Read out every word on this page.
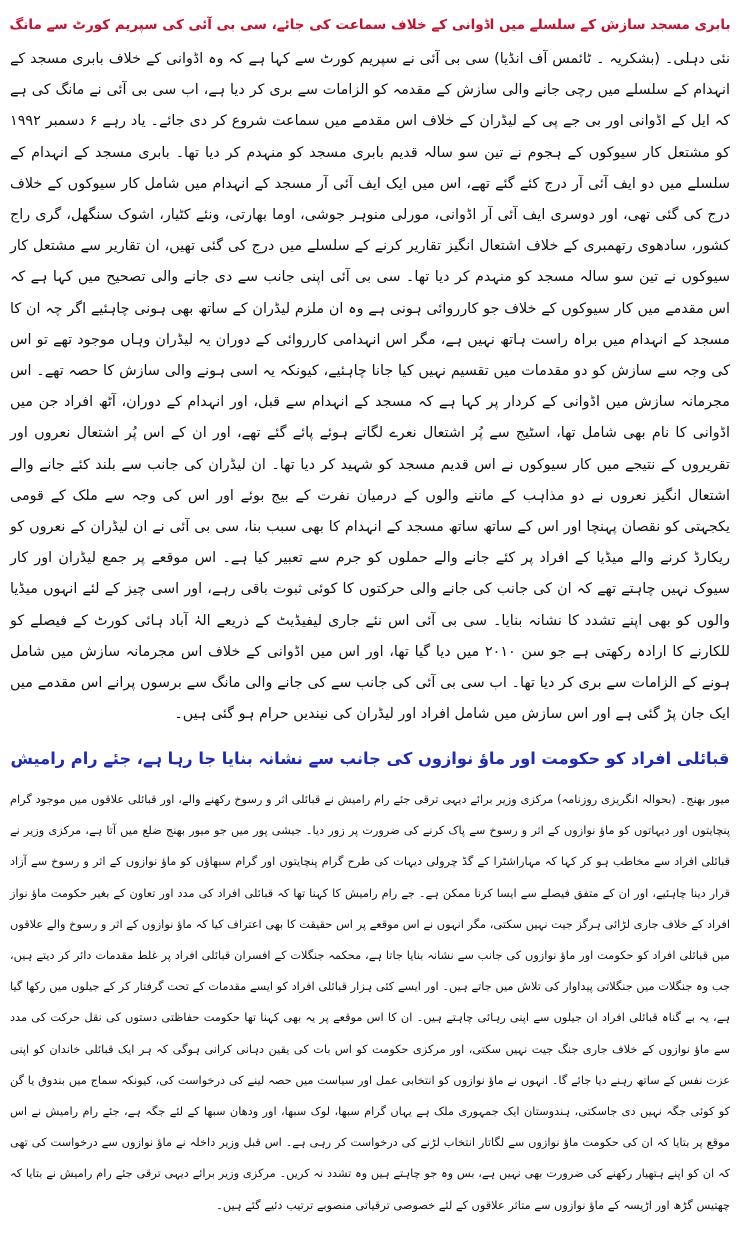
بابری مسجد سازش کے سلسلے میں اڈوانی کے خلاف سماعت کی جائے، سی بی آئی کی سپریم کورٹ سے مانگ

نئی دہلی۔ (بشکریہ ۔ ٹائمس آف انڈیا) سی بی آئی نے سپریم کورٹ سے کہا ہے کہ وہ اڈوانی کے خلاف بابری مسجد کے انہدام کے سلسلے میں رچی جانے والی سازش کے مقدمہ کو الزامات سے بری کر دیا ہے، اب سی بی آئی نے مانگ کی ہے کہ ایل کے اڈوانی اور بی جے پی کے لیڈران کے خلاف اس مقدمے میں سماعت شروع کر دی جائے۔ یاد رہے ۶ دسمبر ۱۹۹۲ کو مشتعل کار سیوکوں کے ہجوم نے تین سو سالہ قدیم بابری مسجد کو منہدم کر دیا تھا۔ بابری مسجد کے انہدام کے سلسلے میں دو ایف آئی آر درج کئے گئے تھے، اس میں ایک ایف آئی آر مسجد کے انہدام میں شامل کار سیوکوں کے خلاف درج کی گئی تھی، اور دوسری ایف آئی آر اڈوانی، مورلی منوہر جوشی، اوما بھارتی، ونئے کٹیار، اشوک سنگھل، گری راج کشور، سادھوی رتھمبری کے خلاف اشتعال انگیز تقاریر کرنے کے سلسلے میں درج کی گئی تھیں، ان تقاریر سے مشتعل کار سیوکوں نے تین سو سالہ مسجد کو منہدم کر دیا تھا۔ سی بی آئی اپنی جانب سے دی جانے والی تصحیح میں کہا ہے کہ اس مقدمے میں کار سیوکوں کے خلاف جو کارروائی ہونی ہے وہ ان ملزم لیڈران کے ساتھ بھی ہونی چاہئیے اگر چہ ان کا مسجد کے انہدام میں براہ راست ہاتھ نہیں ہے، مگر اس انہدامی کارروائی کے دوران یہ لیڈران وہاں موجود تھے تو اس کی وجہ سے سازش کو دو مقدمات میں تقسیم نہیں کیا جانا چاہئیے، کیونکہ یہ اسی ہونے والی سازش کا حصہ تھے۔ اس مجرمانہ سازش میں اڈوانی کے کردار پر کہا ہے کہ مسجد کے انہدام سے قبل، اور انہدام کے دوران، آٹھ افراد جن میں اڈوانی کا نام بھی شامل تھا، اسٹیج سے پُر اشتعال نعرے لگاتے ہوئے پائے گئے تھے، اور ان کے اس پُر اشتعال نعروں اور تقریروں کے نتیجے میں کار سیوکوں نے اس قدیم مسجد کو شہید کر دیا تھا۔ ان لیڈران کی جانب سے بلند کئے جانے والے اشتعال انگیز نعروں نے دو مذاہب کے ماننے والوں کے درمیان نفرت کے بیج بوئے اور اس کی وجہ سے ملک کے قومی یکجہتی کو نقصان پہنچا اور اس کے ساتھ ساتھ مسجد کے انہدام کا بھی سبب بنا، سی بی آئی نے ان لیڈران کے نعروں کو ریکارڈ کرنے والے میڈیا کے افراد پر کئے جانے والے حملوں کو جرم سے تعبیر کیا ہے۔ اس موقعے پر جمع لیڈران اور کار سیوک نہیں چاہتے تھے کہ ان کی جانب کی جانے والی حرکتوں کا کوئی ثبوت باقی رہے، اور اسی چیز کے لئے انہوں میڈیا والوں کو بھی اپنے تشدد کا نشانہ بنایا۔ سی بی آئی اس نئے جاری لیفیڈیٹ کے ذریعے الہٰ آباد ہائی کورٹ کے فیصلے کو للکارنے کا ارادہ رکھتی ہے جو سن ۲۰۱۰ میں دیا گیا تھا، اور اس میں اڈوانی کے خلاف اس مجرمانہ سازش میں شامل ہونے کے الزامات سے بری کر دیا تھا۔ اب سی بی آئی کی جانب سے کی جانے والی مانگ سے برسوں پرانے اس مقدمے میں ایک جان پڑ گئی ہے اور اس سازش میں شامل افراد اور لیڈران کی نیندیں حرام ہو گئی ہیں۔

قبائلی افراد کو حکومت اور ماؤ نوازوں کی جانب سے نشانہ بنایا جا رہا ہے، جئے رام رامیش

میور بھنج۔ (بحوالہ انگریزی روزنامہ) مرکزی وزیر برائے دیہی ترقی جئے رام رامیش نے قبائلی اثر و رسوخ رکھنے والے، اور قبائلی علاقوں میں موجود گرام پنچایتوں اور دیہاتوں کو ماؤ نوازوں کے اثر و رسوخ سے پاک کرنے کی ضرورت پر زور دیا۔ جیشی پور میں جو میور بھنج ضلع میں آتا ہے، مرکزی وزیر نے قبائلی افراد سے مخاطب ہو کر کہا کہ مہاراشٹرا کے گڈ چرولی دیہات کی طرح گرام پنچایتوں اور گرام سبھاؤں کو ماؤ نوازوں کے اثر و رسوخ سے آزاد قرار دینا چاہئیے، اور ان کے متفق فیصلے سے ایسا کرنا ممکن ہے۔ جے رام رامیش کا کہنا تھا کہ قبائلی افراد کی مدد اور تعاون کے بغیر حکومت ماؤ نواز افراد کے خلاف جاری لڑائی ہرگز جیت نہیں سکتی، مگر انہوں نے اس موقعے پر اس حقیقت کا بھی اعتراف کیا کہ ماؤ نوازوں کے اثر و رسوخ والے علاقوں میں قبائلی افراد کو حکومت اور ماؤ نوازوں کی جانب سے نشانہ بنایا جاتا ہے، محکمہ جنگلات کے افسران قبائلی افراد پر غلط مقدمات دائر کر دیتے ہیں، جب وہ جنگلات میں جنگلاتی پیداوار کی تلاش میں جاتے ہیں۔ اور ایسے کئی ہزار قبائلی افراد کو ایسے مقدمات کے تحت گرفتار کر کے جیلوں میں رکھا گیا ہے، یہ بے گناہ قبائلی افراد ان جیلوں سے اپنی رہائی چاہتے ہیں۔ ان کا اس موقعے پر یہ بھی کہنا تھا حکومت حفاظتی دستوں کی نقل حرکت کی مدد سے ماؤ نوازوں کے خلاف جاری جنگ جیت نہیں سکتی، اور مرکزی حکومت کو اس بات کی یقین دہانی کرانی ہوگی کہ ہر ایک قبائلی خاندان کو اپنی عزت نفس کے ساتھ رہنے دیا جائے گا۔ انہوں نے ماؤ نوازوں کو انتخابی عمل اور سیاست میں حصہ لینے کی درخواست کی، کیونکہ سماج میں بندوق یا گن کو کوئی جگہ نہیں دی جاسکتی، ہندوستان ایک جمہوری ملک ہے یہاں گرام سبھا، لوک سبھا، اور ودھان سبھا کے لئے جگہ ہے، جئے رام رامیش نے اس موقع پر بتایا کہ ان کی حکومت ماؤ نوازوں سے لگاتار انتخاب لڑنے کی درخواست کر رہی ہے۔ اس قبل وزیر داخلہ نے ماؤ نوازوں سے درخواست کی تھی کہ ان کو اپنے ہتھیار رکھنے کی ضرورت بھی نہیں ہے، بس وہ جو چاہتے ہیں وہ تشدد نہ کریں۔ مرکزی وزیر برائے دیہی ترقی جئے رام رامیش نے بتایا کہ چھتیس گڑھ اور اڑیسہ کے ماؤ نوازوں سے متاثر علاقوں کے لئے خصوصی ترقیاتی منصوبے ترتیب دئیے گئے ہیں۔
